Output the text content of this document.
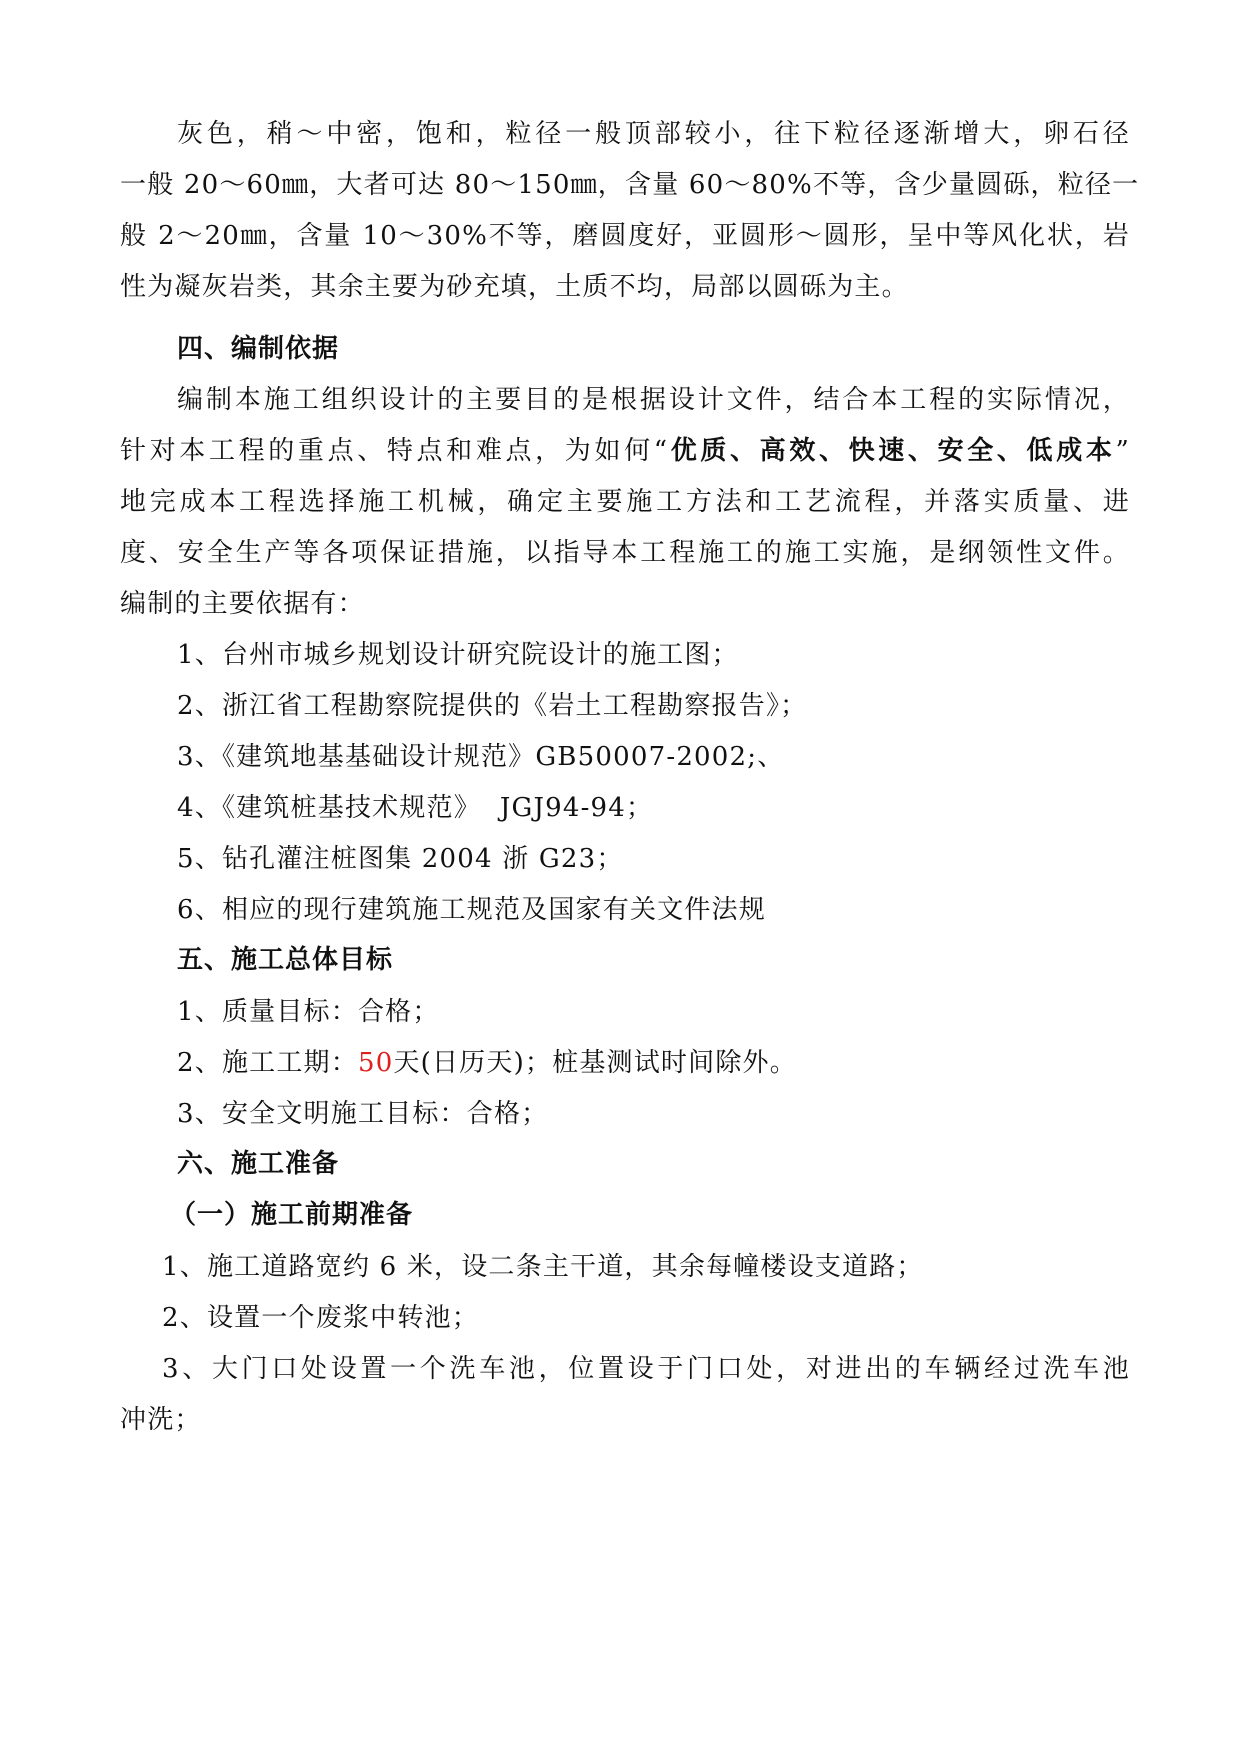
灰色，稍～中密，饱和，粒径一般顶部较小，往下粒径逐渐增大，卵石径
一般 20～60㎜，大者可达 80～150㎜，含量 60～80%不等，含少量圆砾，粒径一
般 2～20㎜，含量 10～30%不等，磨圆度好，亚圆形～圆形，呈中等风化状，岩
性为凝灰岩类，其余主要为砂充填，土质不均，局部以圆砾为主。
四、编制依据
编制本施工组织设计的主要目的是根据设计文件，结合本工程的实际情况，
针对本工程的重点、特点和难点，为如何“优质、高效、快速、安全、低成本”
地完成本工程选择施工机械，确定主要施工方法和工艺流程，并落实质量、进
度、安全生产等各项保证措施，以指导本工程施工的施工实施，是纲领性文件。
编制的主要依据有：
1、台州市城乡规划设计研究院设计的施工图；
2、浙江省工程勘察院提供的《岩土工程勘察报告》；
3、《建筑地基基础设计规范》GB50007-2002;、
4、《建筑桩基技术规范》  JGJ94-94；
5、钻孔灌注桩图集 2004 浙 G23；
6、相应的现行建筑施工规范及国家有关文件法规
五、施工总体目标
1、质量目标：合格；
2、施工工期：50天(日历天)；桩基测试时间除外。
3、安全文明施工目标：合格；
六、施工准备
（一）施工前期准备
1、施工道路宽约 6 米，设二条主干道，其余每幢楼设支道路；
2、设置一个废浆中转池；
3、大门口处设置一个洗车池，位置设于门口处，对进出的车辆经过洗车池
冲洗；
